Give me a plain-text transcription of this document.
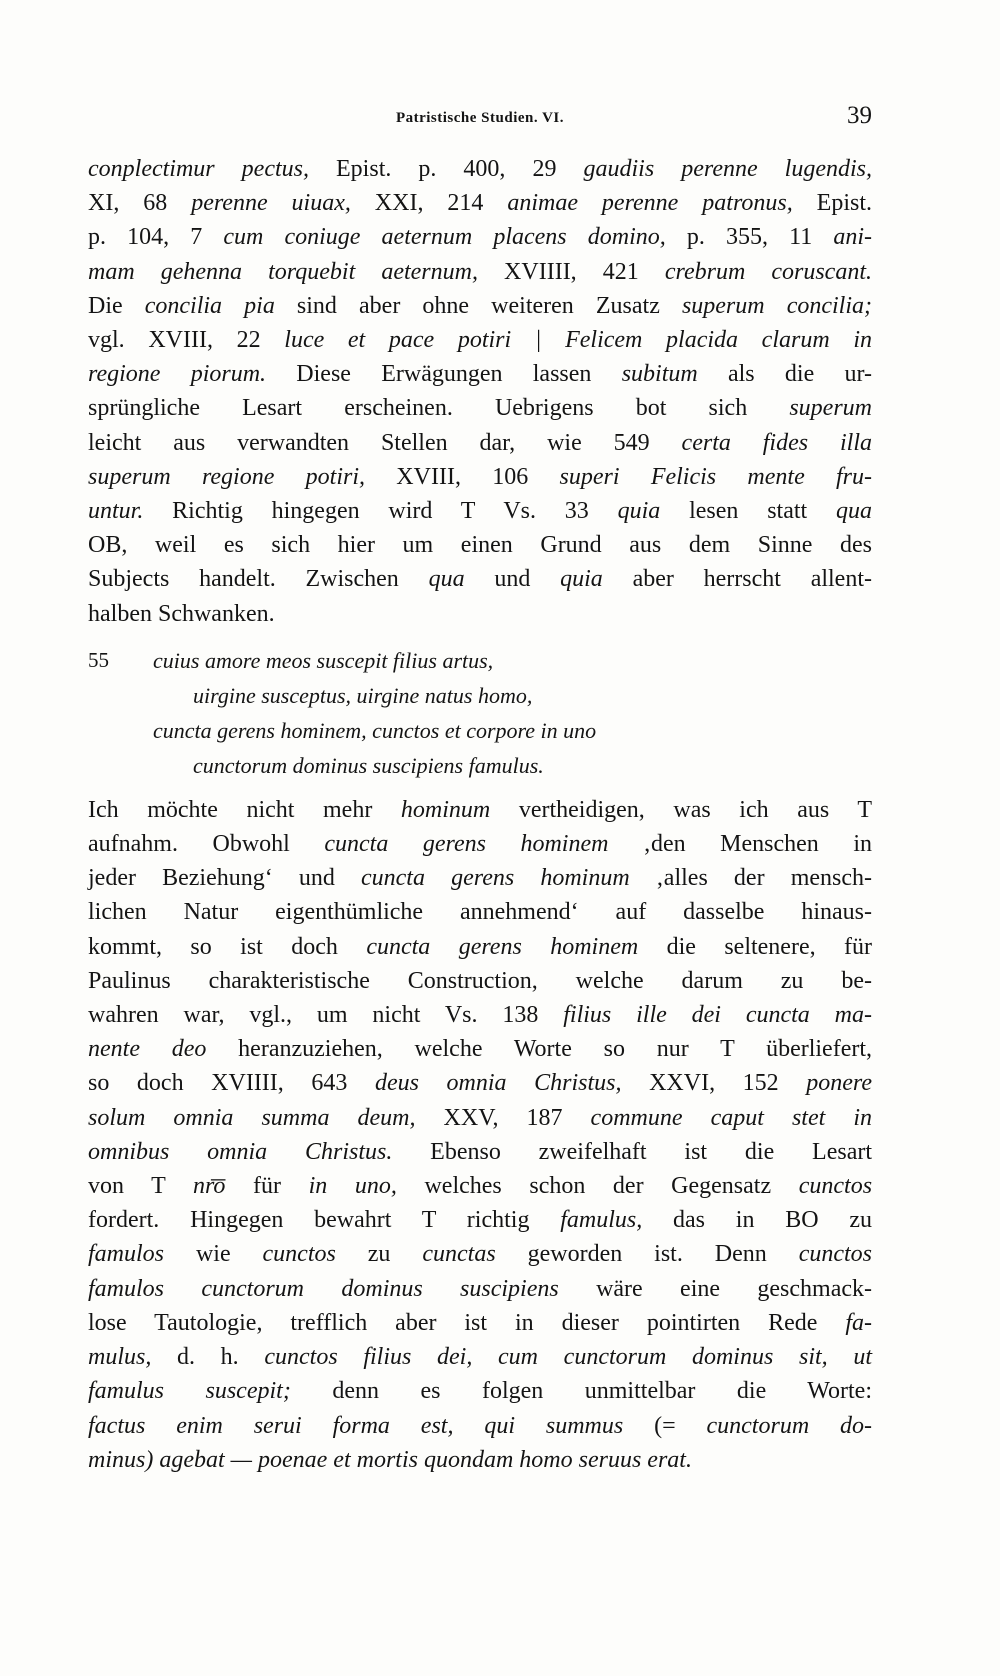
Patristische Studien. VI.	39

conplectimur pectus, Epist. p. 400, 29 gaudiis perenne lugendis,
XI, 68 perenne uiuax, XXI, 214 animae perenne patronus, Epist.
p. 104, 7 cum coniuge aeternum placens domino, p. 355, 11 ani-
mam gehenna torquebit aeternum, XVIIII, 421 crebrum coruscant.
Die concilia pia sind aber ohne weiteren Zusatz superum concilia;
vgl. XVIII, 22 luce et pace potiri | Felicem placida clarum in
regione piorum. Diese Erwägungen lassen subitum als die ur-
sprüngliche Lesart erscheinen. Uebrigens bot sich superum
leicht aus verwandten Stellen dar, wie 549 certa fides illa
superum regione potiri, XVIII, 106 superi Felicis mente fru-
untur. Richtig hingegen wird T Vs. 33 quia lesen statt qua
OB, weil es sich hier um einen Grund aus dem Sinne des
Subjects handelt. Zwischen qua und quia aber herrscht allent-
halben Schwanken.

55	cuius amore meos suscepit filius artus,
uirgine susceptus, uirgine natus homo,
cuncta gerens hominem, cunctos et corpore in uno
cunctorum dominus suscipiens famulus.

Ich möchte nicht mehr hominum vertheidigen, was ich aus T
aufnahm. Obwohl cuncta gerens hominem ‚den Menschen in
jeder Beziehung‘ und cuncta gerens hominum ‚alles der mensch-
lichen Natur eigenthümliche annehmend‘ auf dasselbe hinaus-
kommt, so ist doch cuncta gerens hominem die seltenere, für
Paulinus charakteristische Construction, welche darum zu be-
wahren war, vgl., um nicht Vs. 138 filius ille dei cuncta ma-
nente deo heranzuziehen, welche Worte so nur T überliefert,
so doch XVIIII, 643 deus omnia Christus, XXVI, 152 ponere
solum omnia summa deum, XXV, 187 commune caput stet in
omnibus omnia Christus. Ebenso zweifelhaft ist die Lesart
von T nr͞o für in uno, welches schon der Gegensatz cunctos
fordert. Hingegen bewahrt T richtig famulus, das in BO zu
famulos wie cunctos zu cunctas geworden ist. Denn cunctos
famulos cunctorum dominus suscipiens wäre eine geschmack-
lose Tautologie, trefflich aber ist in dieser pointirten Rede fa-
mulus, d. h. cunctos filius dei, cum cunctorum dominus sit, ut
famulus suscepit; denn es folgen unmittelbar die Worte:
factus enim serui forma est, qui summus (= cunctorum do-
minus) agebat — poenae et mortis quondam homo seruus erat.
